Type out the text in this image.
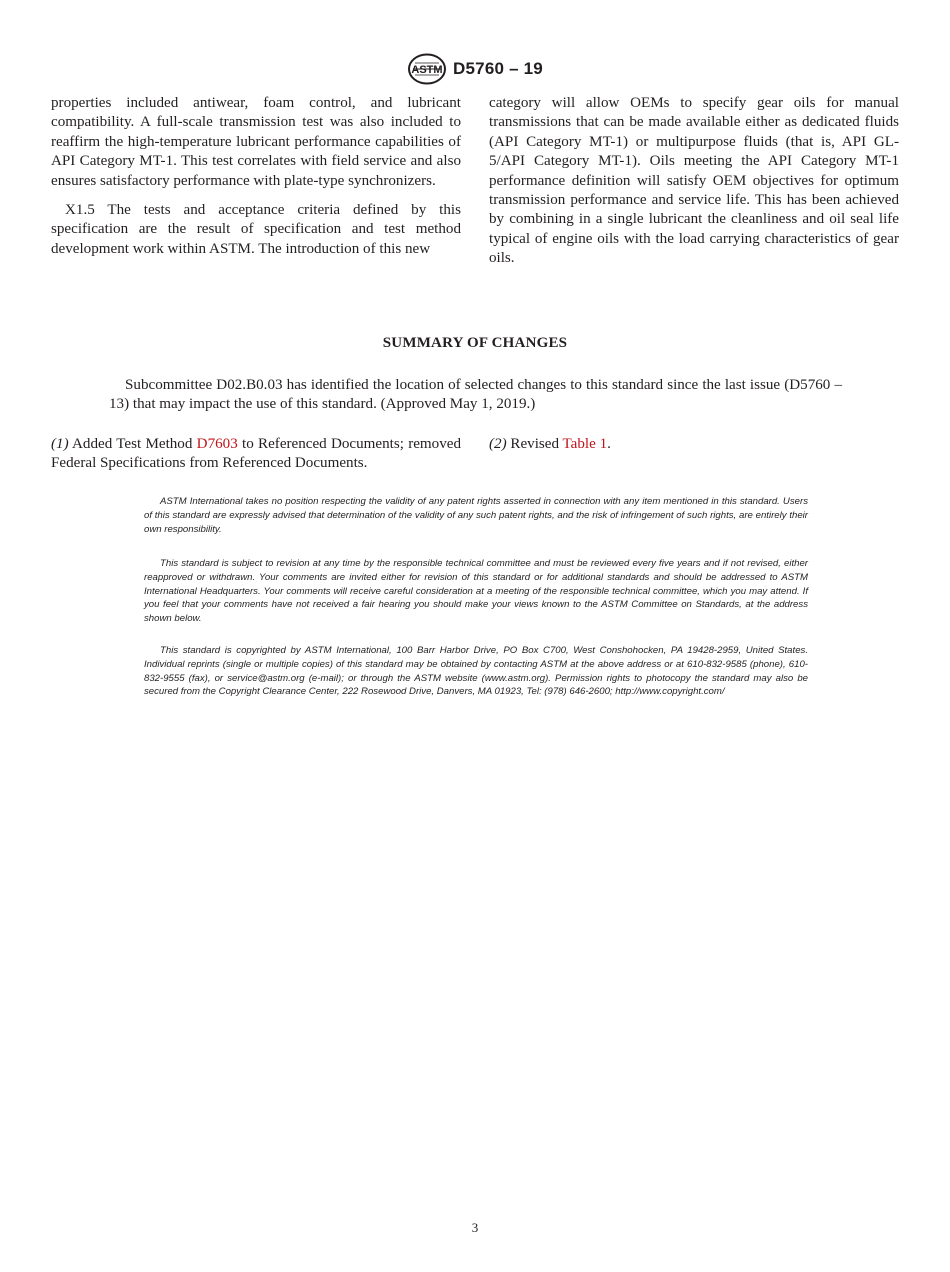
ASTM D5760 – 19

properties included antiwear, foam control, and lubricant compatibility. A full-scale transmission test was also included to reaffirm the high-temperature lubricant performance capabilities of API Category MT-1. This test correlates with field service and also ensures satisfactory performance with plate-type synchronizers.

X1.5 The tests and acceptance criteria defined by this specification are the result of specification and test method development work within ASTM. The introduction of this new

category will allow OEMs to specify gear oils for manual transmissions that can be made available either as dedicated fluids (API Category MT-1) or multipurpose fluids (that is, API GL-5/API Category MT-1). Oils meeting the API Category MT-1 performance definition will satisfy OEM objectives for optimum transmission performance and service life. This has been achieved by combining in a single lubricant the cleanliness and oil seal life typical of engine oils with the load carrying characteristics of gear oils.

SUMMARY OF CHANGES
Subcommittee D02.B0.03 has identified the location of selected changes to this standard since the last issue (D5760 – 13) that may impact the use of this standard. (Approved May 1, 2019.)
(1) Added Test Method D7603 to Referenced Documents; removed Federal Specifications from Referenced Documents.
(2) Revised Table 1.
ASTM International takes no position respecting the validity of any patent rights asserted in connection with any item mentioned in this standard. Users of this standard are expressly advised that determination of the validity of any such patent rights, and the risk of infringement of such rights, are entirely their own responsibility.
This standard is subject to revision at any time by the responsible technical committee and must be reviewed every five years and if not revised, either reapproved or withdrawn. Your comments are invited either for revision of this standard or for additional standards and should be addressed to ASTM International Headquarters. Your comments will receive careful consideration at a meeting of the responsible technical committee, which you may attend. If you feel that your comments have not received a fair hearing you should make your views known to the ASTM Committee on Standards, at the address shown below.
This standard is copyrighted by ASTM International, 100 Barr Harbor Drive, PO Box C700, West Conshohocken, PA 19428-2959, United States. Individual reprints (single or multiple copies) of this standard may be obtained by contacting ASTM at the above address or at 610-832-9585 (phone), 610-832-9555 (fax), or service@astm.org (e-mail); or through the ASTM website (www.astm.org). Permission rights to photocopy the standard may also be secured from the Copyright Clearance Center, 222 Rosewood Drive, Danvers, MA 01923, Tel: (978) 646-2600; http://www.copyright.com/
3
